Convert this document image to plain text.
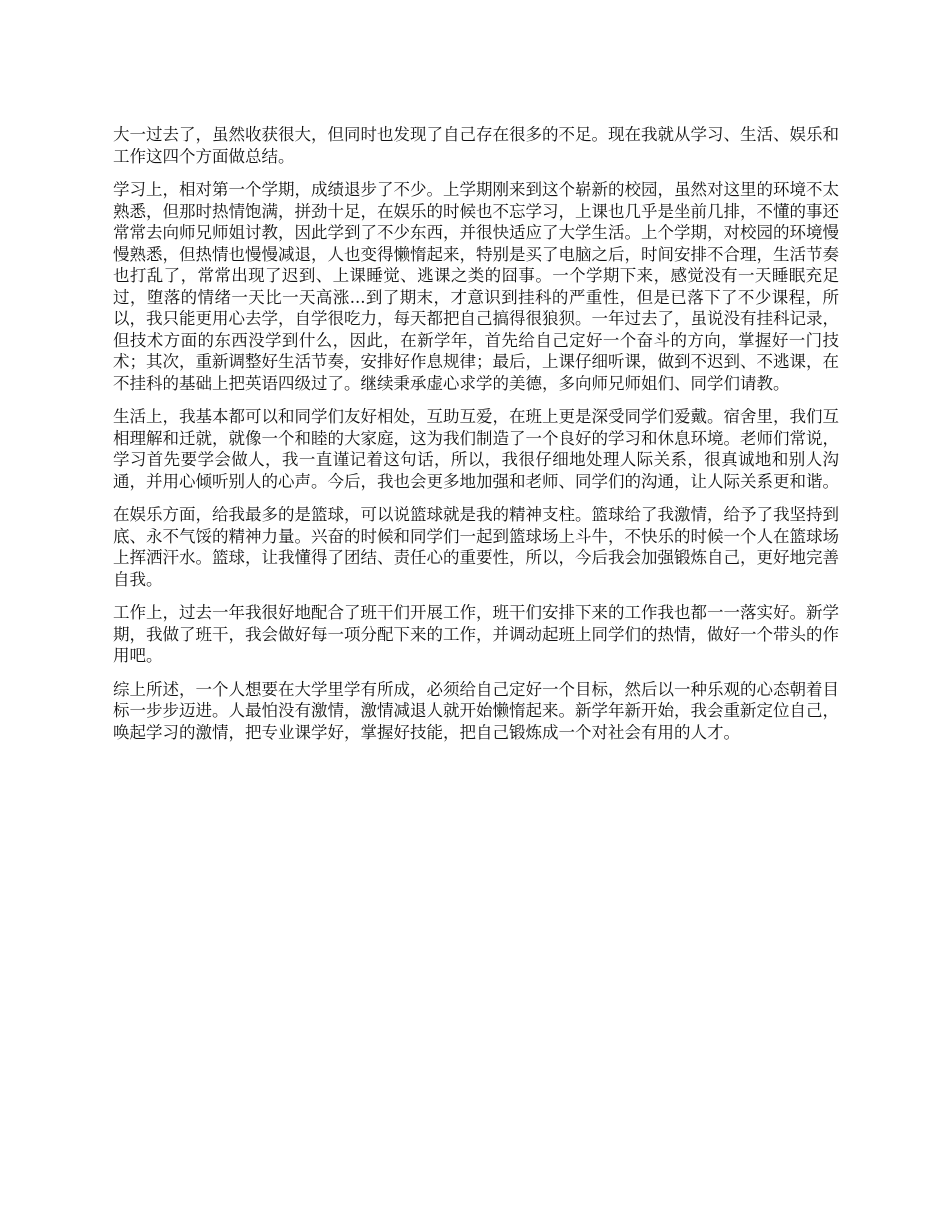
大一过去了，虽然收获很大，但同时也发现了自己存在很多的不足。现在我就从学习、生活、娱乐和工作这四个方面做总结。

学习上，相对第一个学期，成绩退步了不少。上学期刚来到这个崭新的校园，虽然对这里的环境不太熟悉，但那时热情饱满，拼劲十足，在娱乐的时候也不忘学习，上课也几乎是坐前几排，不懂的事还常常去向师兄师姐讨教，因此学到了不少东西，并很快适应了大学生活。上个学期，对校园的环境慢慢熟悉，但热情也慢慢减退，人也变得懒惰起来，特别是买了电脑之后，时间安排不合理，生活节奏也打乱了，常常出现了迟到、上课睡觉、逃课之类的囧事。一个学期下来，感觉没有一天睡眠充足过，堕落的情绪一天比一天高涨...到了期末，才意识到挂科的严重性，但是已落下了不少课程，所以，我只能更用心去学，自学很吃力，每天都把自己搞得很狼狈。一年过去了，虽说没有挂科记录，但技术方面的东西没学到什么，因此，在新学年，首先给自己定好一个奋斗的方向，掌握好一门技术；其次，重新调整好生活节奏，安排好作息规律；最后，上课仔细听课，做到不迟到、不逃课，在不挂科的基础上把英语四级过了。继续秉承虚心求学的美德，多向师兄师姐们、同学们请教。

生活上，我基本都可以和同学们友好相处，互助互爱，在班上更是深受同学们爱戴。宿舍里，我们互相理解和迁就，就像一个和睦的大家庭，这为我们制造了一个良好的学习和休息环境。老师们常说，学习首先要学会做人，我一直谨记着这句话，所以，我很仔细地处理人际关系，很真诚地和别人沟通，并用心倾听别人的心声。今后，我也会更多地加强和老师、同学们的沟通，让人际关系更和谐。

在娱乐方面，给我最多的是篮球，可以说篮球就是我的精神支柱。篮球给了我激情，给予了我坚持到底、永不气馁的精神力量。兴奋的时候和同学们一起到篮球场上斗牛，不快乐的时候一个人在篮球场上挥洒汗水。篮球，让我懂得了团结、责任心的重要性，所以，今后我会加强锻炼自己，更好地完善自我。

工作上，过去一年我很好地配合了班干们开展工作，班干们安排下来的工作我也都一一落实好。新学期，我做了班干，我会做好每一项分配下来的工作，并调动起班上同学们的热情，做好一个带头的作用吧。

综上所述，一个人想要在大学里学有所成，必须给自己定好一个目标，然后以一种乐观的心态朝着目标一步步迈进。人最怕没有激情，激情减退人就开始懒惰起来。新学年新开始，我会重新定位自己，唤起学习的激情，把专业课学好，掌握好技能，把自己锻炼成一个对社会有用的人才。
